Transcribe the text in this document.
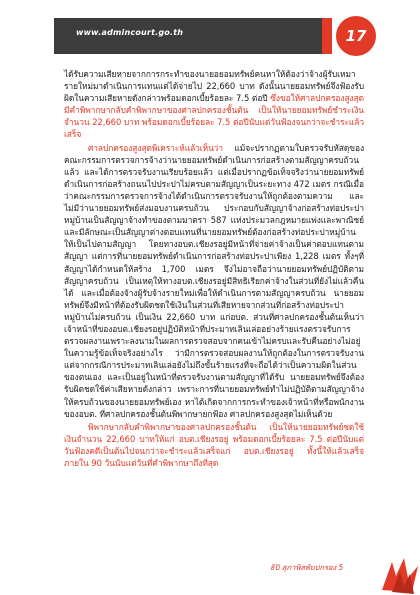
www.admincourt.go.th	17

ได้รับความเสียหายจากการกระทำของนายอยอมทรัพย์คนหาให้ต้องว่าจ้างผู้รับเหมารายใหม่มาดำเนินการแทนแต่ได้จ่ายไป 22,660 บาท ดังนั้นนายยอมทรัพย์จึงฟ้องรับผิดในความเสียหายดังกล่าวพร้อมดอกเบี้ยร้อยละ 7.5 ต่อปี ซึ่งขอให้ศาลปกครองสูงสุดมีคำพิพากษากลับคำพิพากษาของศาลปกครองชั้นต้น เป็นให้นายยอมทรัพย์ชำระเงินจำนวน 22,660 บาท พร้อมดอกเบี้ยร้อยละ 7.5 ต่อปีนับแต่วันฟ้องจนกว่าจะชำระแล้วเสร็จ

ศาลปกครองสูงสุดพิเคราะห์แล้วเห็นว่า แม้จะปรากฏตามใบตรวจรับหัสดุของคณะกรรมการตรวจการจ้างว่านายยอมทรัพย์ดำเนินการก่อสร้างตามสัญญาครบถ้วนแล้ว และได้การตรวจรับงานเรียบร้อยแล้ว แต่เมื่อปรากฏข้อเท็จจริงว่านายยอมทรัพย์ดำเนินการก่อสร้างถนนไปประปาไม่ครบตามสัญญาเป็นระยะทาง 472 เมตร กรณีเมื่อว่าคณะกรรมการตรวจการจ้างได้ดำเนินการตรวจรับงานให้ถูกต้องตามความ และไม่มีว่านายยอมทรัพย์ส่งมอบงานครบถ้วน ประกอบกับสัญญาจ้างก่อสร้างท่อประปาหมู่บ้านเป็นสัญญาจ้างทำของตามมาตรา 587 แห่งประมวลกฎหมายแพ่งและพาณิชย์ และมีลักษณะเป็นสัญญาต่างตอบแทนที่นายยอมทรัพย์ต้องก่อสร้างท่อประปาหมู่บ้านให้เป็นไปตามสัญญา โดยทางอบต.เชียงรอยู่มีหน้าที่จ่ายค่าจ้างเป็นค่าตอบแทนตามสัญญา แต่การที่นายยอมทรัพย์ดำเนินการก่อสร้างท่อประปาเพียง 1,228 เมตร ทั้งๆที่สัญญาได้กำหนดให้สร้าง 1,700 เมตร จึงไม่อาจถือว่านายยอมทรัพย์ปฏิบัติตามสัญญาครบถ้วน เป็นเหตุให้ทางอบต.เชียงรอยู่มีสิทธิเรียกค่าจ้างในส่วนที่ยังไม่แล้วคืนได้ และเมื่อต้องจ้างผู้รับจ้างรายใหม่เพื่อให้ดำเนินการตามสัญญาครบถ้วน นายยอมทรัพย์จึงมีหน้าที่ต้องรับผิดชดใช้เงินในส่วนที่เสียหายจากส่วนที่ก่อสร้างท่อประปาหมู่บ้านไม่ครบถ้วน เป็นเงิน 22,660 บาท แก่อบต. ส่วนที่ศาลปกครองชั้นต้นเห็นว่าเจ้าหน้าที่ของอบต.เชียงรอยู่ปฏิบัติหน้าที่ประมาทเลินเล่ออย่างร้ายแรงตรวจรับการตรวจผลงานเพราะลงนามในผลการตรวจสอบจากคนเข้าไม่ครบและรับคืนอย่างไม่อยู่ในความรู้ข้อเท็จจริงอย่างไร ว่ามีการตรวจสอบผลงานให้ถูกต้องในการตรวจรับงาน แต่จากกรณีการประมาทเลินเล่อยังไม่ถึงขั้นร้ายแรงที่จะถือได้ว่าเป็นความผิดในส่วนของตนเอง และเป็นอยู่ในหน้าที่ตรวจรับงานตามสัญญาที่ได้รับ นายยอมทรัพย์จึงต้องรับผิดชดใช้ค่าเสียหายดังกล่าว เพราะการที่นายยอมทรัพย์ทำไม่ปฏิบัติตามสัญญาจ้างให้ครบถ้วนของนายยอมทรัพย์เอง หาได้เกิดจากการกระทำของเจ้าหน้าที่หรือพนักงานของอบต. ที่ศาลปกครองชั้นต้นพิพากษายกฟ้อง ศาลปกครองสูงสุดไม่เห็นด้วย

พิพากษากลับคำพิพากษาของศาลปกครองชั้นต้น เป็นให้นายยอมทรัพย์ชดใช้เงินจำนวน 22,660 บาทให้แก่ อบต.เชียงรอยู่ พร้อมดอกเบี้ยร้อยละ 7.5 ต่อปีนับแต่วันฟ้องคดีเป็นต้นไปจนกว่าจะชำระแล้วเสร็จแก่ อบต.เชียงรอยู่ ทั้งนี้ให้แล้วเสร็จภายใน 90 วันนับแต่วันที่คำพิพากษาถึงที่สุด

ธิปิ สุภาพิสพับปกรอง 5
